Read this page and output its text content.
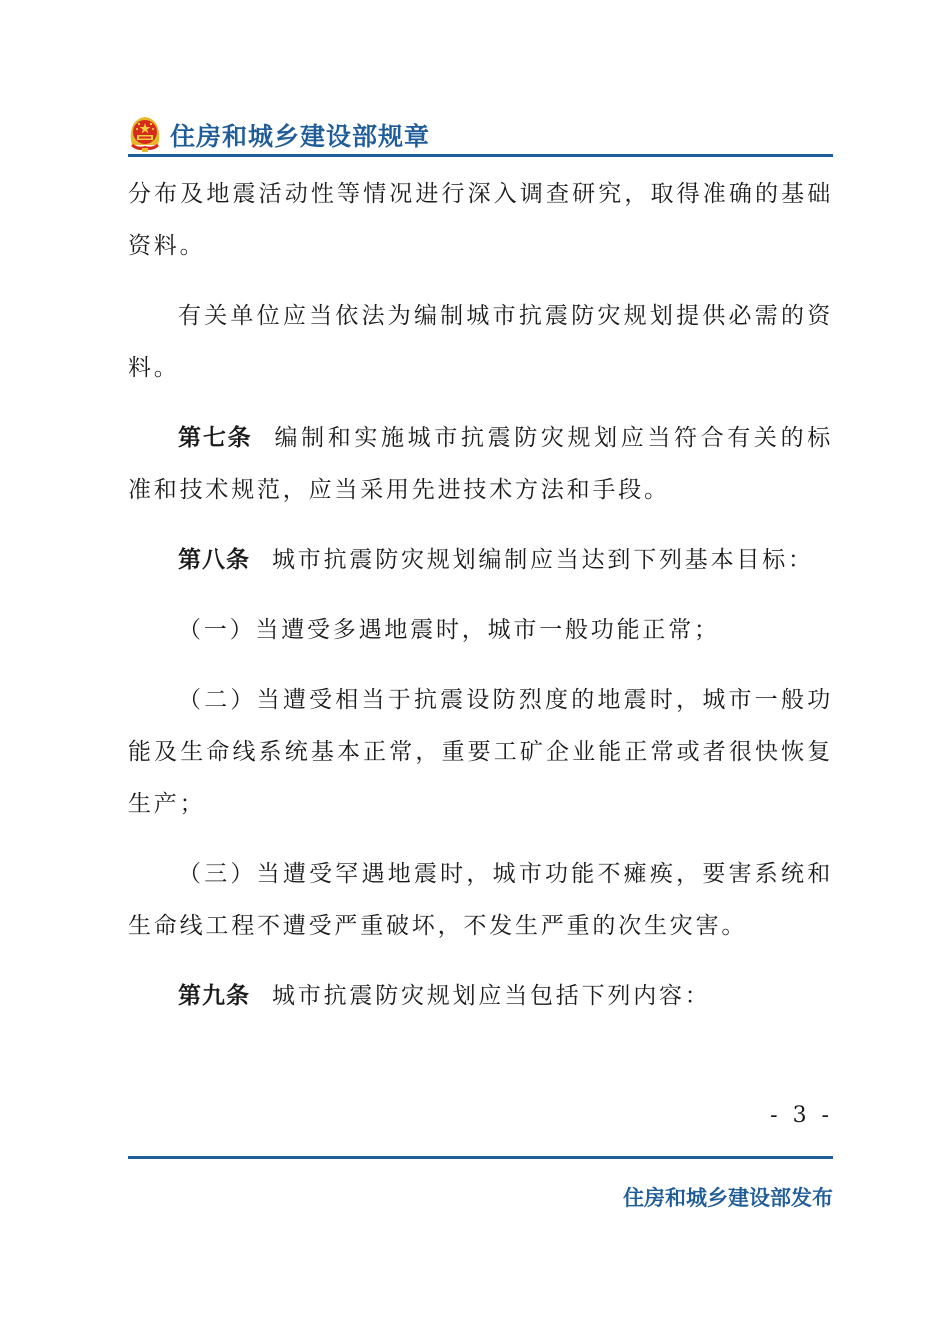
住房和城乡建设部规章

分布及地震活动性等情况进行深入调查研究，取得准确的基础资料。

有关单位应当依法为编制城市抗震防灾规划提供必需的资料。

第七条 编制和实施城市抗震防灾规划应当符合有关的标准和技术规范，应当采用先进技术方法和手段。

第八条 城市抗震防灾规划编制应当达到下列基本目标：

（一）当遭受多遇地震时，城市一般功能正常；

（二）当遭受相当于抗震设防烈度的地震时，城市一般功能及生命线系统基本正常，重要工矿企业能正常或者很快恢复生产；

（三）当遭受罕遇地震时，城市功能不瘫痪，要害系统和生命线工程不遭受严重破坏，不发生严重的次生灾害。

第九条 城市抗震防灾规划应当包括下列内容：

- 3 -
住房和城乡建设部发布
